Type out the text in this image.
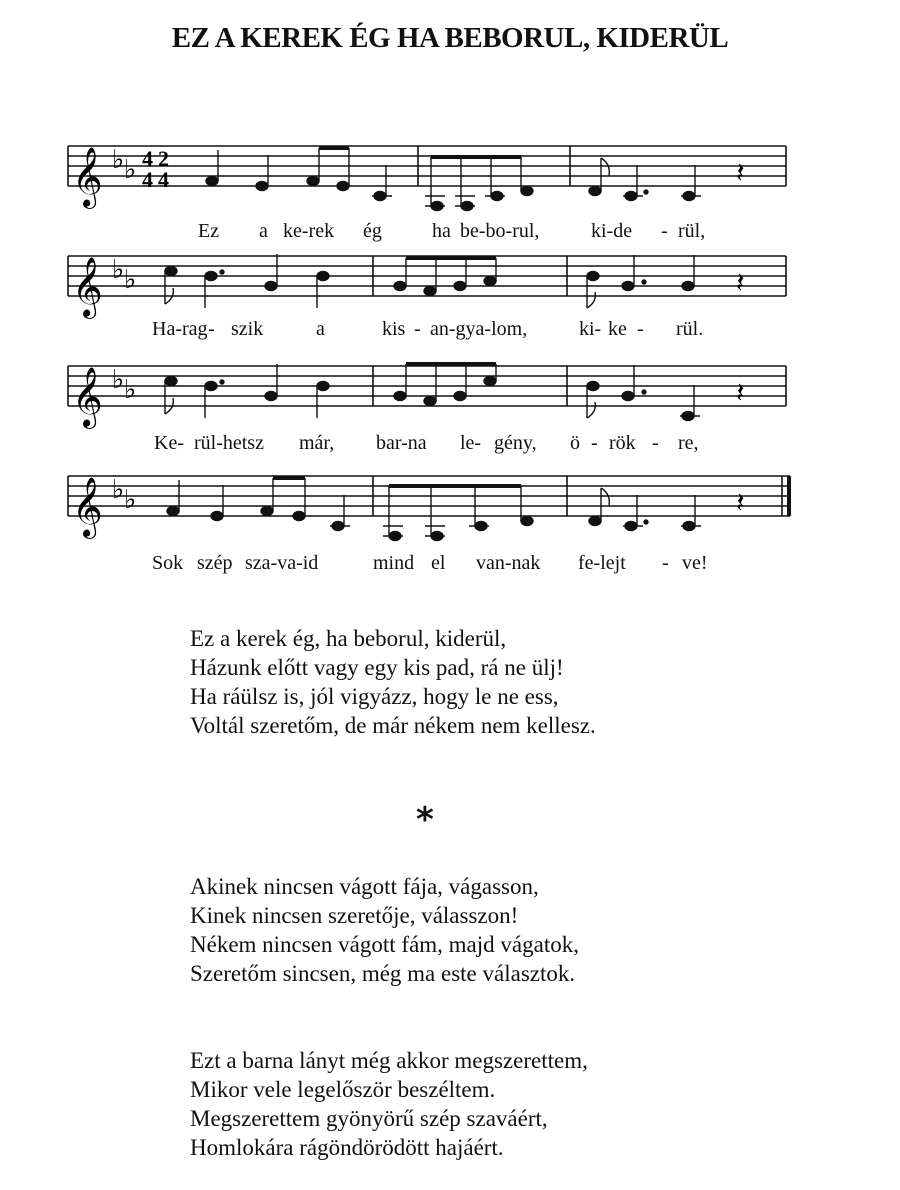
EZ A KEREK ÉG HA BEBORUL, KIDERÜL
𝄞 ♭ ♭ 4
4
2
4	𝄽
𝄞 ♭ ♭	𝄽
𝄞 ♭ ♭	𝄽
𝄞 ♭ ♭	𝄽
Ez a ke-rek ég	ha be-bo-rul,	ki-de - rül,
Ha-rag - szik	a	kis - an-gya-lom,	ki- ke - rül.
Ke- rül-hetsz már, bar-na le- gény, ö - rök - re,
Sok szép sza-va-id	mind el van-nak fe-lejt - ve!
Ez a kerek ég, ha beborul, kiderül,
Házunk előtt vagy egy kis pad, rá ne ülj!
Ha ráülsz is, jól vigyázz, hogy le ne ess,
Voltál szeretőm, de már nékem nem kellesz.
*
Akinek nincsen vágott fája, vágasson,
Kinek nincsen szeretője, válasszon!
Nékem nincsen vágott fám, majd vágatok,
Szeretőm sincsen, még ma este választok.
Ezt a barna lányt még akkor megszerettem,
Mikor vele legelőször beszéltem.
Megszerettem gyönyörű szép szaváért,
Homlokára rágöndörödött hajáért.
